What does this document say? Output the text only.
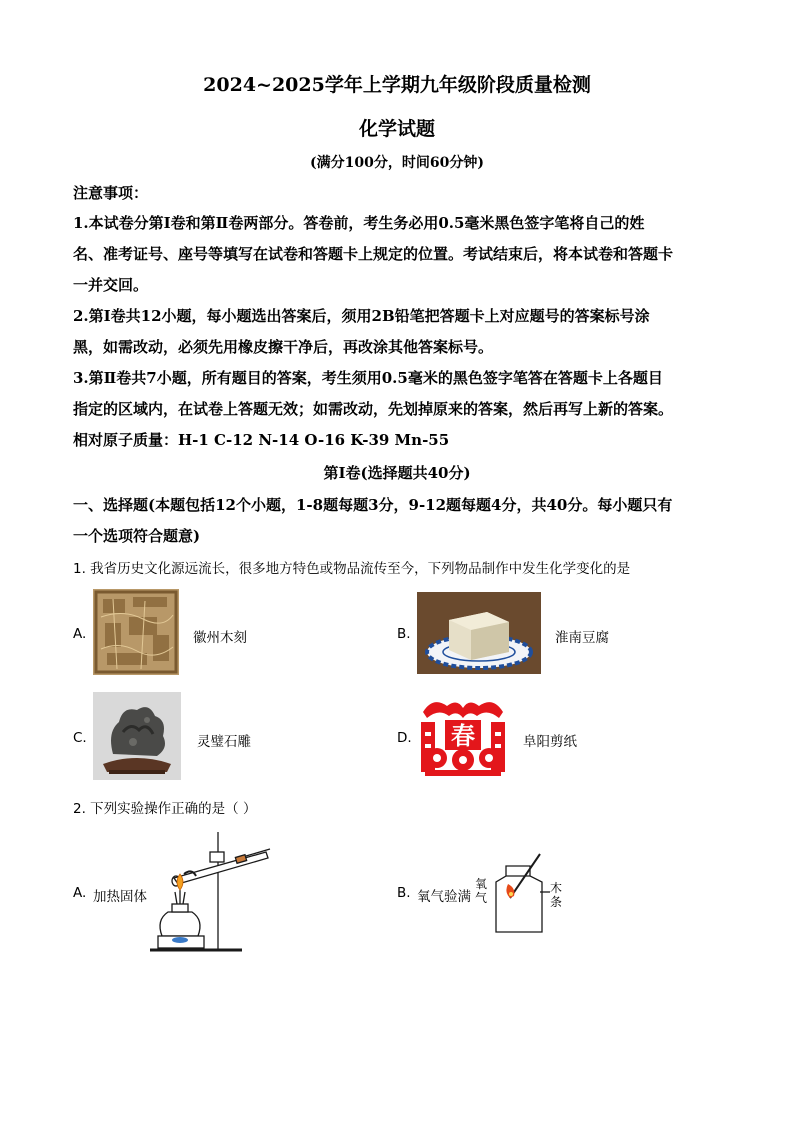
2024~2025学年上学期九年级阶段质量检测
化学试题
(满分100分，时间60分钟)
注意事项：
1.本试卷分第Ⅰ卷和第Ⅱ卷两部分。答卷前，考生务必用0.5毫米黑色签字笔将自己的姓
名、准考证号、座号等填写在试卷和答题卡上规定的位置。考试结束后，将本试卷和答题卡
一并交回。
2.第Ⅰ卷共12小题，每小题选出答案后，须用2B铅笔把答题卡上对应题号的答案标号涂
黑，如需改动，必须先用橡皮擦干净后，再改涂其他答案标号。
3.第Ⅱ卷共7小题，所有题目的答案，考生须用0.5毫米的黑色签字笔答在答题卡上各题目
指定的区域内，在试卷上答题无效；如需改动，先划掉原来的答案，然后再写上新的答案。
相对原子质量：H-1 C-12 N-14 O-16 K-39 Mn-55
第Ⅰ卷(选择题共40分)
一、选择题(本题包括12个小题，1-8题每题3分，9-12题每题4分，共40分。每小题只有
一个选项符合题意)
1. 我省历史文化源远流长，很多地方特色或物品流传至今，下列物品制作中发生化学变化的是
A.	徽州木刻	B.	淮南豆腐
C.	灵璧石雕	D. 春	阜阳剪纸
2. 下列实验操作正确的是（ ）
A. 加热固体	B. 氧气验满
氧
气
木
条
